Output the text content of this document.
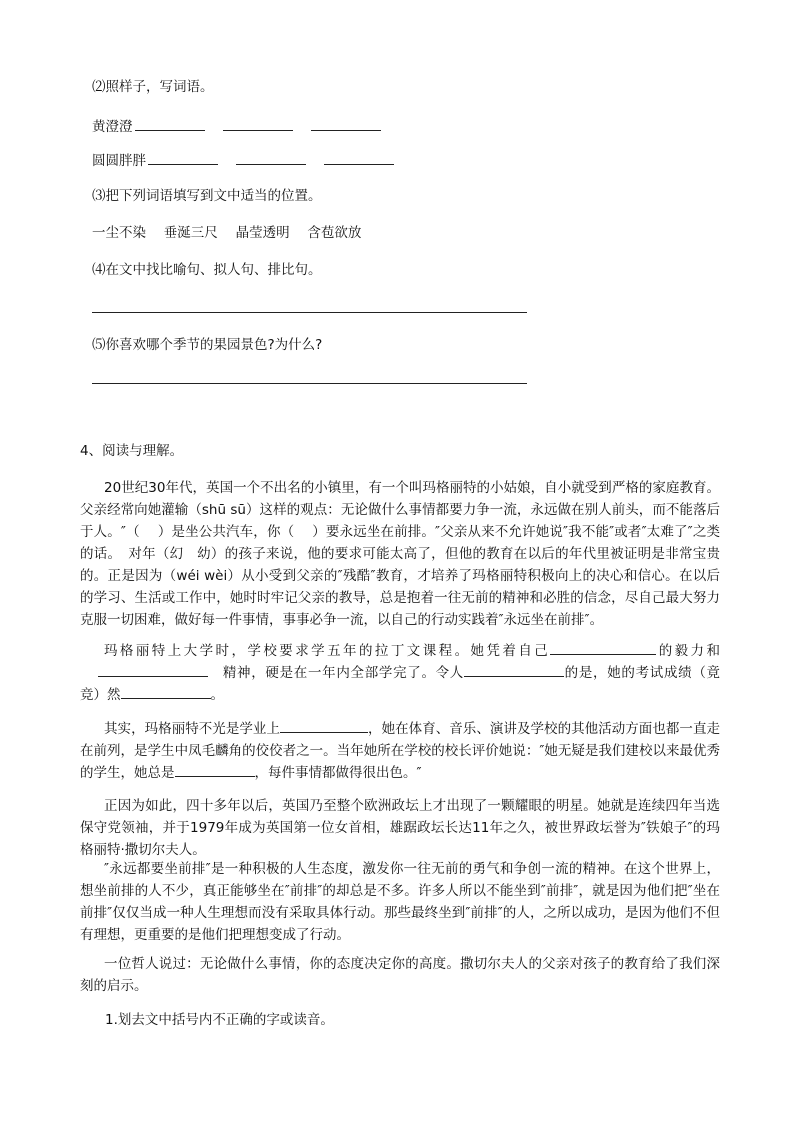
⑵照样子，写词语。
黄澄澄
圆圆胖胖
⑶把下列词语填写到文中适当的位置。
一尘不染　 垂涎三尺　 晶莹透明　 含苞欲放
⑷在文中找比喻句、拟人句、排比句。
⑸你喜欢哪个季节的果园景色?为什么?
4、阅读与理解。

20世纪30年代，英国一个不出名的小镇里，有一个叫玛格丽特的小姑娘，自小就受到严格的家庭教育。父亲经常向她灌输（shū sū）这样的观点：无论做什么事情都要力争一流，永远做在别人前头，而不能落后于人。″（　 ）是坐公共汽车，你（　 ）要永远坐在前排。″父亲从来不允许她说″我不能″或者″太难了″之类的话。　对年（幻　幼）的孩子来说，他的要求可能太高了，但他的教育在以后的年代里被证明是非常宝贵的。正是因为（wéi wèi）从小受到父亲的″残酷″教育，才培养了玛格丽特积极向上的决心和信心。在以后的学习、生活或工作中，她时时牢记父亲的教导，总是抱着一往无前的精神和必胜的信念，尽自己最大努力克服一切困难，做好每一件事情，事事必争一流，以自己的行动实践着″永远坐在前排″。

玛格丽特上大学时，学校要求学五年的拉丁文课程。她凭着自己	的毅力和　精神，硬是在一年内全部学完了。令人	的是，她的考试成绩（竟　竞）然	。

其实，玛格丽特不光是学业上	，她在体育、音乐、演讲及学校的其他活动方面也都一直走在前列，是学生中凤毛麟角的佼佼者之一。当年她所在学校的校长评价她说：″她无疑是我们建校以来最优秀的学生，她总是	，每件事情都做得很出色。″

正因为如此，四十多年以后，英国乃至整个欧洲政坛上才出现了一颗耀眼的明星。她就是连续四年当选保守党领袖，并于1979年成为英国第一位女首相，雄踞政坛长达11年之久，被世界政坛誉为″铁娘子″的玛格丽特·撒切尔夫人。

″永远都要坐前排″是一种积极的人生态度，激发你一往无前的勇气和争创一流的精神。在这个世界上，想坐前排的人不少，真正能够坐在″前排″的却总是不多。许多人所以不能坐到″前排″，就是因为他们把″坐在前排″仅仅当成一种人生理想而没有采取具体行动。那些最终坐到″前排″的人，之所以成功，是因为他们不但有理想，更重要的是他们把理想变成了行动。

一位哲人说过：无论做什么事情，你的态度决定你的高度。撒切尔夫人的父亲对孩子的教育给了我们深刻的启示。

1.划去文中括号内不正确的字或读音。
